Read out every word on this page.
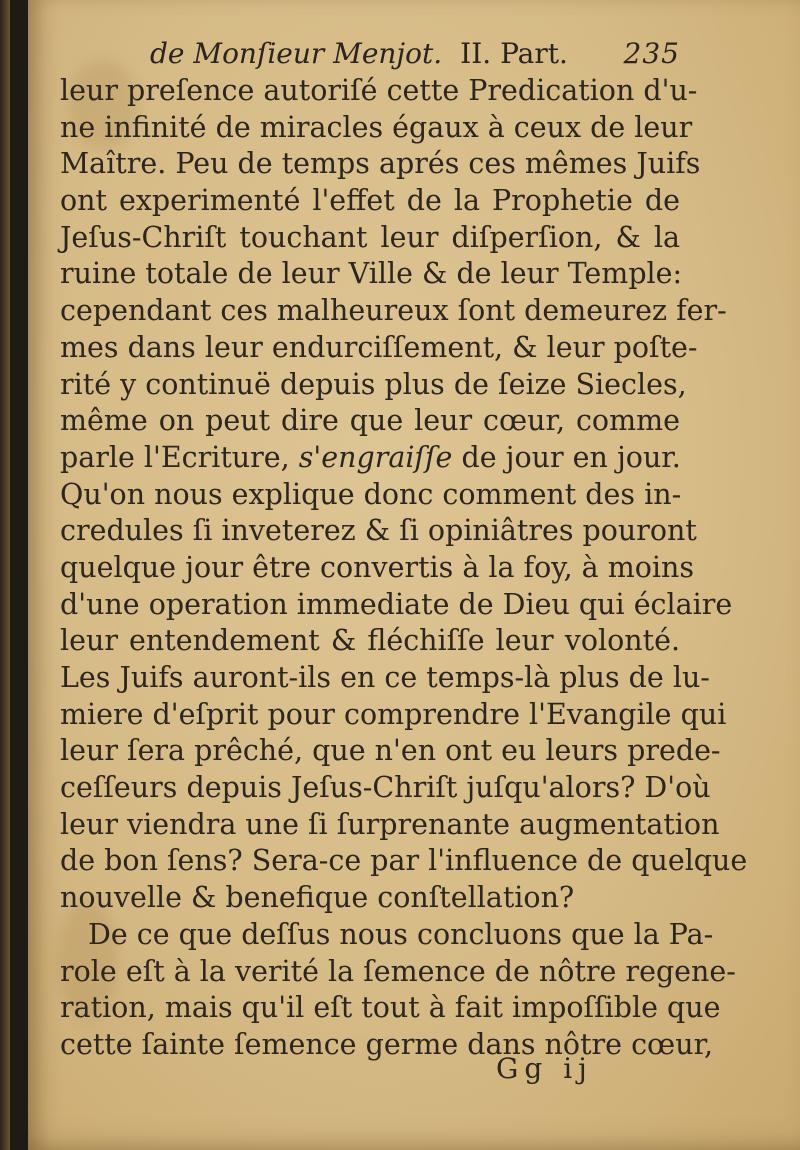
de Monſieur Menjot. II. Part. 235
leur preſence autoriſé cette Predication d'u-
ne infinité de miracles égaux à ceux de leur
Maître. Peu de temps aprés ces mêmes Juifs
ont experimenté l'effet de la Prophetie de
Jeſus-Chriſt touchant leur diſperſion, & la
ruine totale de leur Ville & de leur Temple:
cependant ces malheureux ſont demeurez fer-
mes dans leur endurciſſement, & leur poſte-
rité y continuë depuis plus de ſeize Siecles,
même on peut dire que leur cœur, comme
parle l'Ecriture, s'engraiſſe de jour en jour.
Qu'on nous explique donc comment des in-
credules ſi inveterez & ſi opiniâtres pouront
quelque jour être convertis à la foy, à moins
d'une operation immediate de Dieu qui éclaire
leur entendement & fléchiſſe leur volonté.
Les Juifs auront-ils en ce temps-là plus de lu-
miere d'eſprit pour comprendre l'Evangile qui
leur ſera prêché, que n'en ont eu leurs prede-
ceſſeurs depuis Jeſus-Chriſt juſqu'alors? D'où
leur viendra une ſi ſurprenante augmentation
de bon ſens? Sera-ce par l'influence de quelque
nouvelle & benefique conſtellation?
De ce que deſſus nous concluons que la Pa-
role eſt à la verité la ſemence de nôtre regene-
ration, mais qu'il eſt tout à fait impoſſible que
cette ſainte ſemence germe dans nôtre cœur,
Gg ij
